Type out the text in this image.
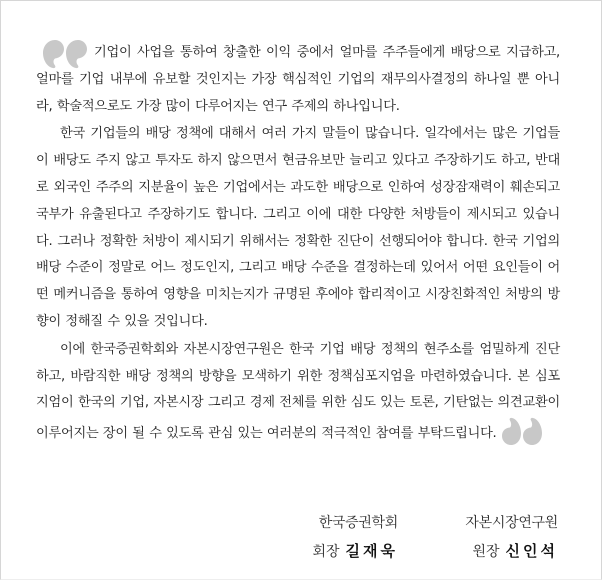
기업이 사업을 통하여 창출한 이익 중에서 얼마를 주주들에게 배당으로 지급하고, 얼마를 기업 내부에 유보할 것인지는 가장 핵심적인 기업의 재무의사결정의 하나일 뿐 아니라, 학술적으로도 가장 많이 다루어지는 연구 주제의 하나입니다.

한국 기업들의 배당 정책에 대해서 여러 가지 말들이 많습니다. 일각에서는 많은 기업들이 배당도 주지 않고 투자도 하지 않으면서 현금유보만 늘리고 있다고 주장하기도 하고, 반대로 외국인 주주의 지분율이 높은 기업에서는 과도한 배당으로 인하여 성장잠재력이 훼손되고 국부가 유출된다고 주장하기도 합니다. 그리고 이에 대한 다양한 처방들이 제시되고 있습니다. 그러나 정확한 처방이 제시되기 위해서는 정확한 진단이 선행되어야 합니다. 한국 기업의 배당 수준이 정말로 어느 정도인지, 그리고 배당 수준을 결정하는데 있어서 어떤 요인들이 어떤 메커니즘을 통하여 영향을 미치는지가 규명된 후에야 합리적이고 시장친화적인 처방의 방향이 정해질 수 있을 것입니다.

이에 한국증권학회와 자본시장연구원은 한국 기업 배당 정책의 현주소를 엄밀하게 진단하고, 바람직한 배당 정책의 방향을 모색하기 위한 정책심포지엄을 마련하였습니다. 본 심포지엄이 한국의 기업, 자본시장 그리고 경제 전체를 위한 심도 있는 토론, 기탄없는 의견교환이 이루어지는 장이 될 수 있도록 관심 있는 여러분의 적극적인 참여를 부탁드립니다.

한국증권학회
회장 길재욱
자본시장연구원
원장 신인석
